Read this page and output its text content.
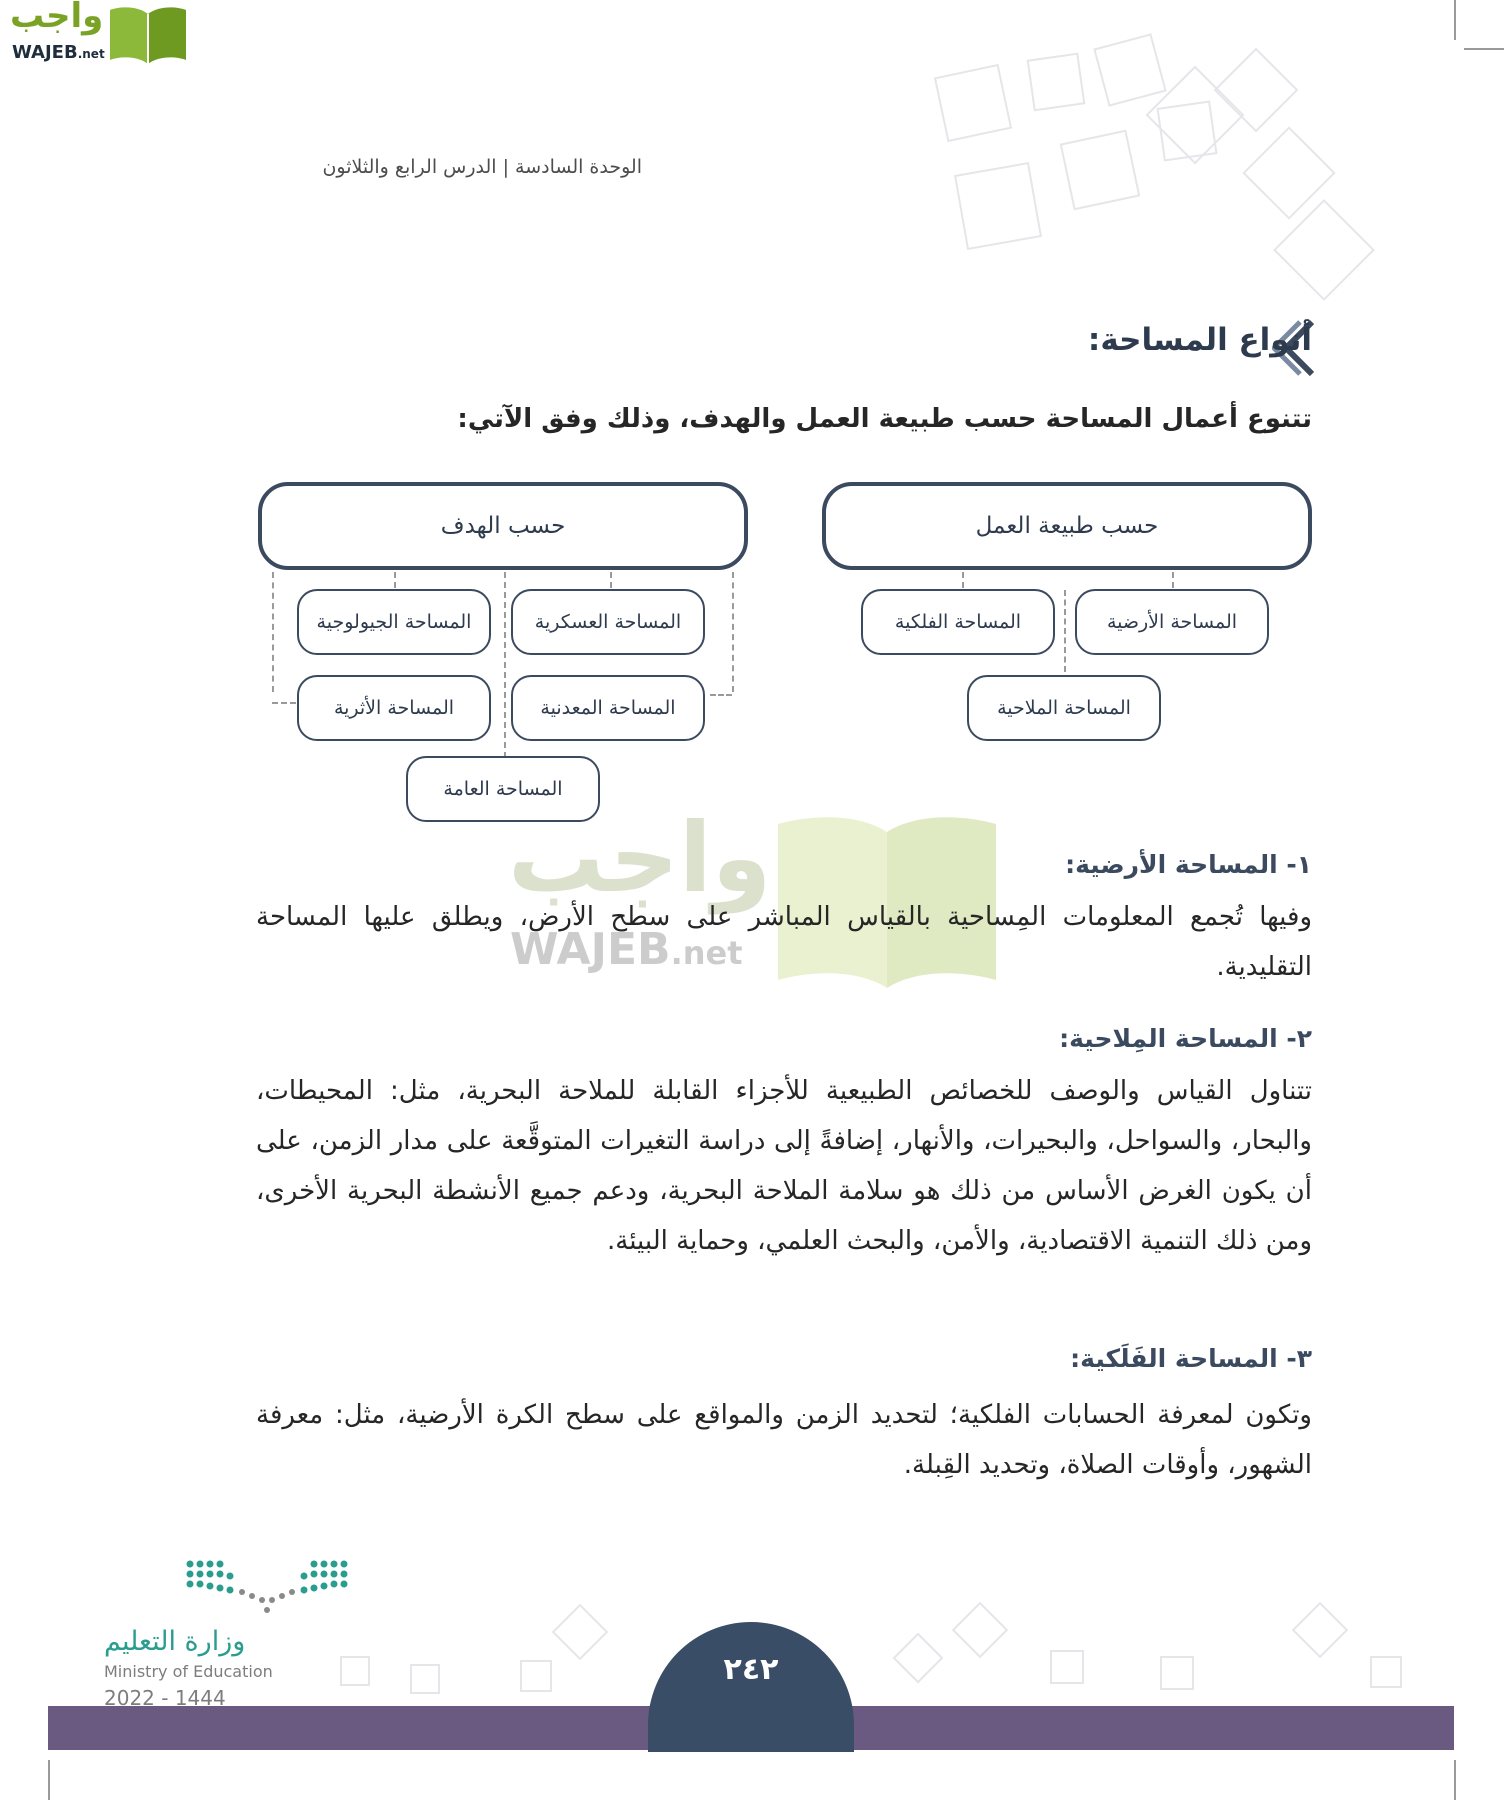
واجب
WAJEB.net
الوحدة السادسة | الدرس الرابع والثلاثون
أنواع المساحة:
تتنوع أعمال المساحة حسب طبيعة العمل والهدف، وذلك وفق الآتي:
حسب طبيعة العمل
المساحة الأرضية
المساحة الفلكية
المساحة الملاحية
حسب الهدف
المساحة العسكرية
المساحة الجيولوجية
المساحة المعدنية
المساحة الأثرية
المساحة العامة
واجب
WAJEB.net
١- المساحة الأرضية:
وفيها تُجمع المعلومات المِساحية بالقياس المباشر على سطح الأرض، ويطلق عليها المساحة التقليدية.
٢- المساحة المِلاحية:
تتناول القياس والوصف للخصائص الطبيعية للأجزاء القابلة للملاحة البحرية، مثل: المحيطات، والبحار، والسواحل، والبحيرات، والأنهار، إضافةً إلى دراسة التغيرات المتوقَّعة على مدار الزمن، على أن يكون الغرض الأساس من ذلك هو سلامة الملاحة البحرية، ودعم جميع الأنشطة البحرية الأخرى، ومن ذلك التنمية الاقتصادية، والأمن، والبحث العلمي، وحماية البيئة.
٣- المساحة الفَلَكية:
وتكون لمعرفة الحسابات الفلكية؛ لتحديد الزمن والمواقع على سطح الكرة الأرضية، مثل: معرفة الشهور، وأوقات الصلاة، وتحديد القِبلة.
٢٤٢
وزارة التعليم
Ministry of Education
2022 - 1444
